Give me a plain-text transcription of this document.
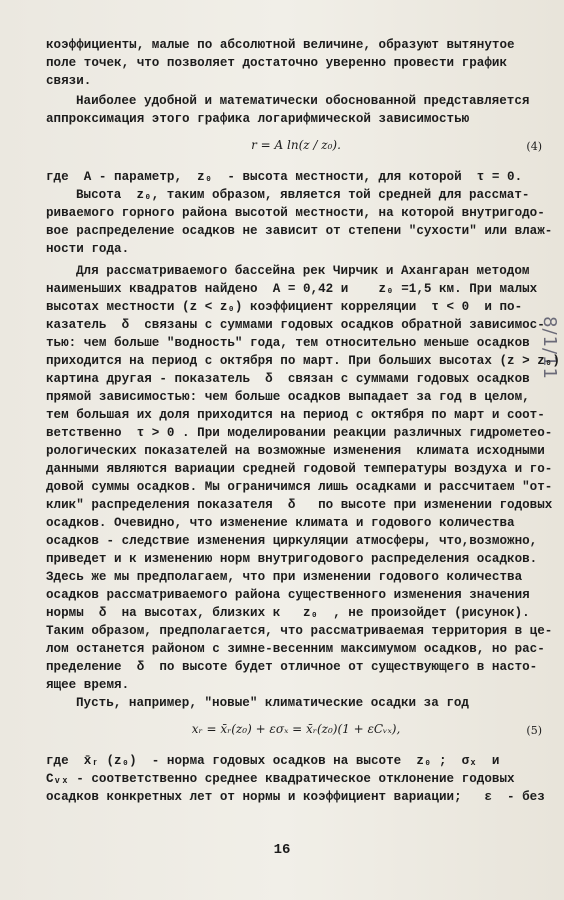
8/1/11
коэффициенты, малые по абсолютной величине, образуют вытянутое
поле точек, что позволяет достаточно уверенно провести график
связи.
Наиболее удобной и математически обоснованной представляется
аппроксимация этого графика логарифмической зависимостью
r = A ln(z / z₀).	(4)
где  A - параметр,  z₀  - высота местности, для которой  τ = 0.
Высота  z₀, таким образом, является той средней для рассмат-
риваемого горного района высотой местности, на которой внутригодо-
вое распределение осадков не зависит от степени "сухости" или влаж-
ности года.
Для рассматриваемого бассейна рек Чирчик и Ахангаран методом
наименьших квадратов найдено  A = 0,42 и    z₀ =1,5 км. При малых
высотах местности (z < z₀) коэффициент корреляции  τ < 0  и по-
казатель  δ  связаны с суммами годовых осадков обратной зависимос-
тью: чем больше "водность" года, тем относительно меньше осадков
приходится на период с октября по март. При больших высотах (z > z₀)
картина другая - показатель  δ  связан с суммами годовых осадков
прямой зависимостью: чем больше осадков выпадает за год в целом,
тем большая их доля приходится на период с октября по март и соот-
ветственно  τ > 0 . При моделировании реакции различных гидрометео-
рологических показателей на возможные изменения  климата исходными
данными являются вариации средней годовой температуры воздуха и го-
довой суммы осадков. Мы ограничимся лишь осадками и рассчитаем "от-
клик" распределения показателя  δ   по высоте при изменении годовых
осадков. Очевидно, что изменение климата и годового количества
осадков - следствие изменения циркуляции атмосферы, что,возможно,
приведет и к изменению норм внутригодового распределения осадков.
Здесь же мы предполагаем, что при изменении годового количества
осадков рассматриваемого района существенного изменения значения
нормы  δ  на высотах, близких к   z₀  , не произойдет (рисунок).
Таким образом, предполагается, что рассматриваемая территория в це-
лом останется районом с зимне-весенним максимумом осадков, но рас-
пределение  δ  по высоте будет отличное от существующего в насто-
ящее время.
Пусть, например, "новые" климатические осадки за год
xᵣ = x̄ᵣ(z₀) + εσₓ = x̄ᵣ(z₀)(1 + εCᵥₓ),	(5)
где  x̄ᵣ (z₀)  - норма годовых осадков на высоте  z₀ ;  σₓ  и
Cᵥₓ - соответственно среднее квадратическое отклонение годовых
осадков конкретных лет от нормы и коэффициент вариации;   ε  - без
16
